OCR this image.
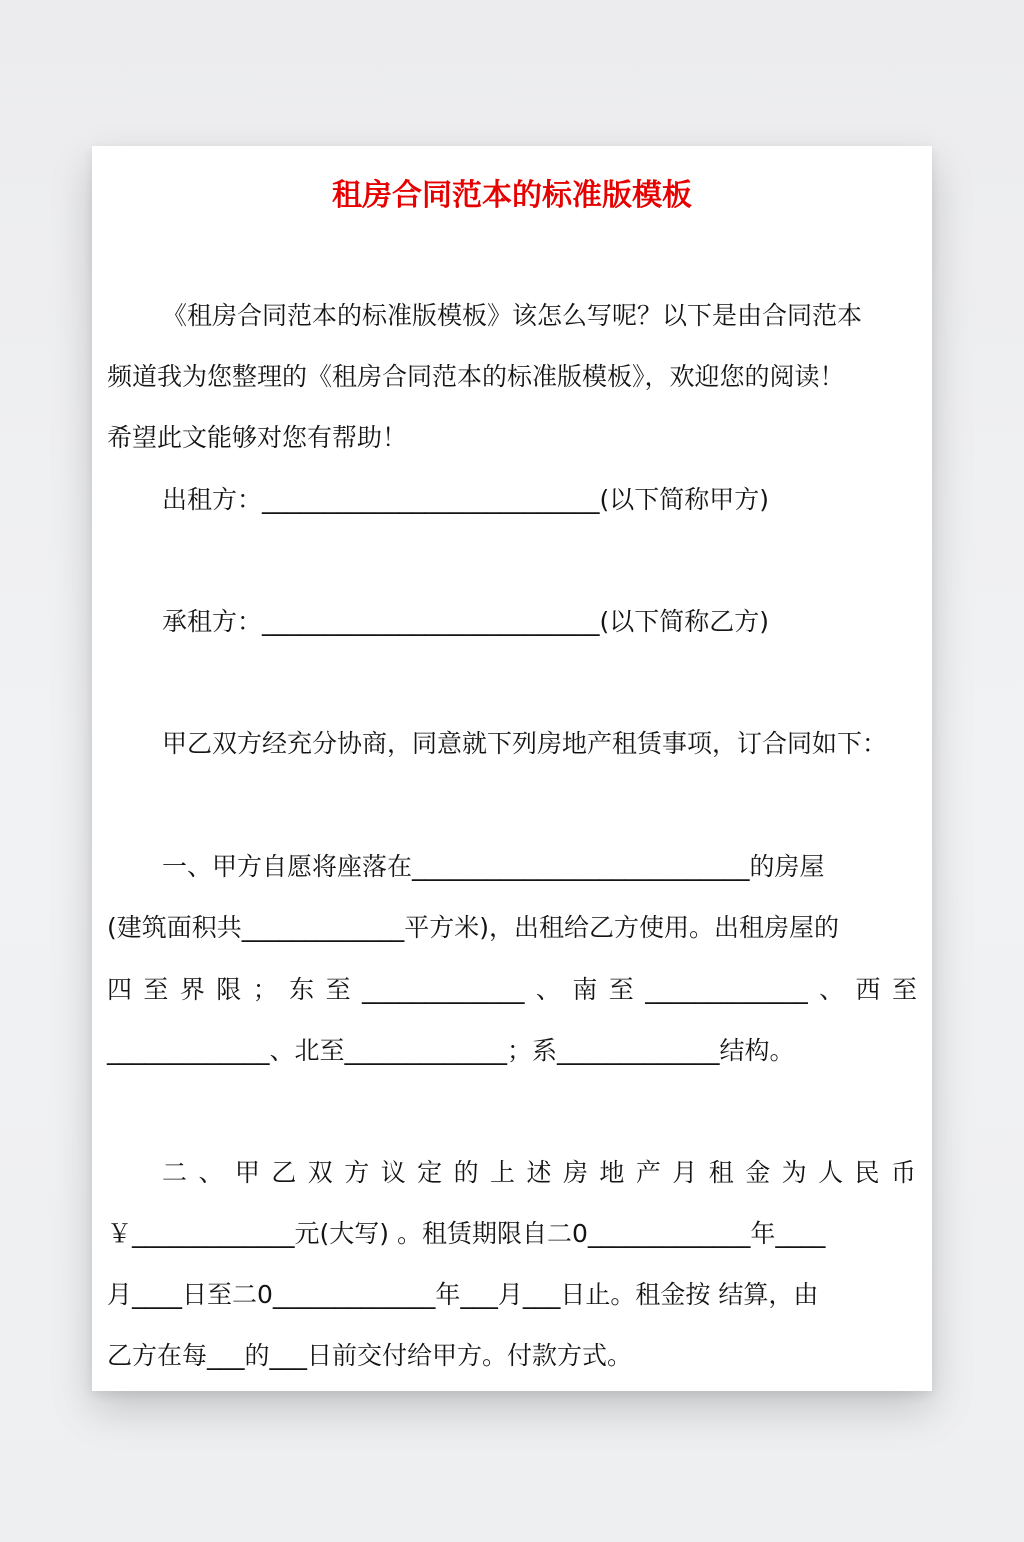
租房合同范本的标准版模板
《租房合同范本的标准版模板》该怎么写呢？以下是由合同范本
频道我为您整理的《租房合同范本的标准版模板》，欢迎您的阅读！
希望此文能够对您有帮助！
出租方：___________________________(以下简称甲方)
承租方：___________________________(以下简称乙方)
甲乙双方经充分协商，同意就下列房地产租赁事项，订合同如下：
一、甲方自愿将座落在___________________________的房屋
(建筑面积共_____________平方米)，出租给乙方使用。出租房屋的
四至界限；东至_____________、南至_____________、西至
_____________、北至_____________；系_____________结构。
二、甲乙双方议定的上述房地产月租金为人民币
￥_____________元(大写) 。租赁期限自二0_____________年____
月____日至二0_____________年___月___日止。租金按 结算，由
乙方在每___的___日前交付给甲方。付款方式。
